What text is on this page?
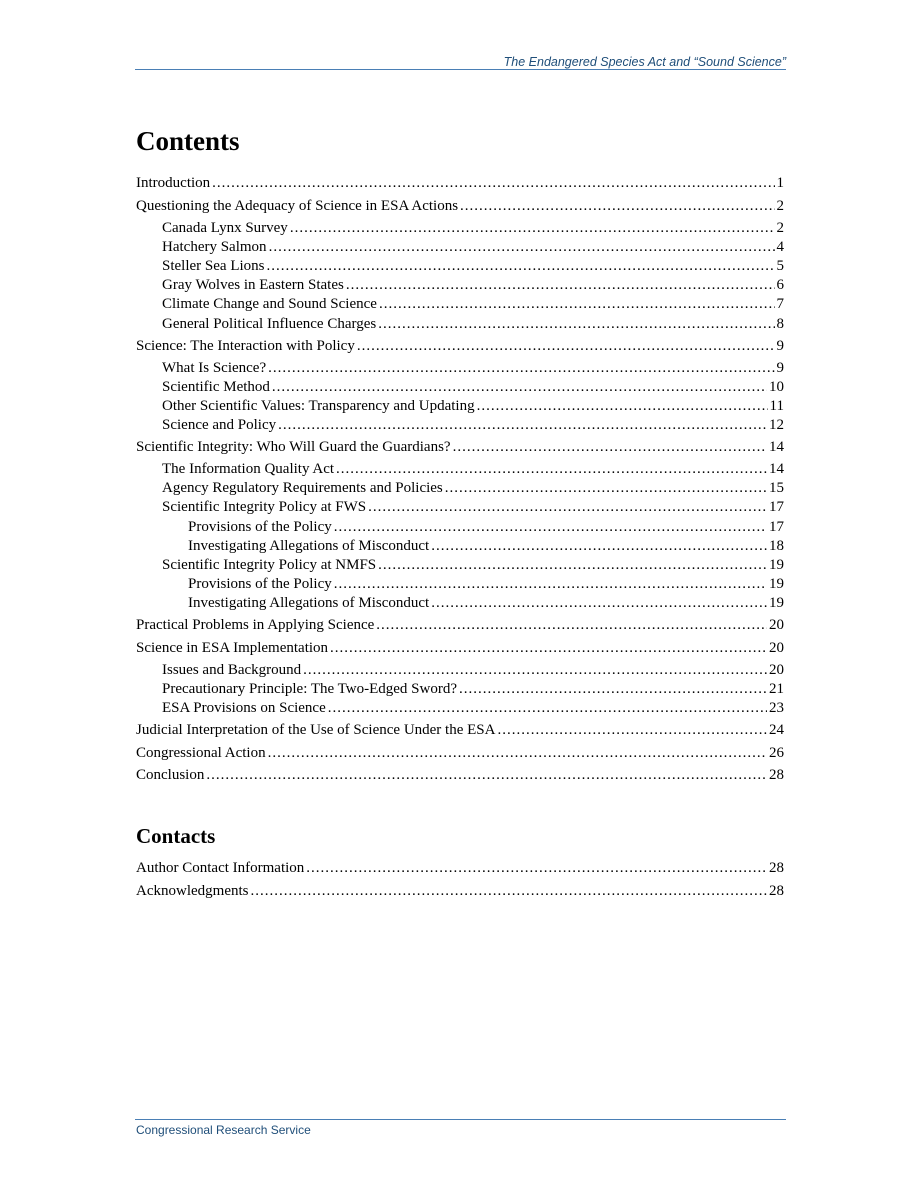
The Endangered Species Act and “Sound Science”
Contents
Introduction .....	1
Questioning the Adequacy of Science in ESA Actions .....	2
Canada Lynx Survey .....	2
Hatchery Salmon .....	4
Steller Sea Lions .....	5
Gray Wolves in Eastern States .....	6
Climate Change and Sound Science .....	7
General Political Influence Charges .....	8
Science: The Interaction with Policy .....	9
What Is Science? .....	9
Scientific Method .....	10
Other Scientific Values: Transparency and Updating .....	11
Science and Policy .....	12
Scientific Integrity: Who Will Guard the Guardians? .....	14
The Information Quality Act .....	14
Agency Regulatory Requirements and Policies .....	15
Scientific Integrity Policy at FWS .....	17
Provisions of the Policy .....	17
Investigating Allegations of Misconduct .....	18
Scientific Integrity Policy at NMFS .....	19
Provisions of the Policy .....	19
Investigating Allegations of Misconduct .....	19
Practical Problems in Applying Science .....	20
Science in ESA Implementation .....	20
Issues and Background .....	20
Precautionary Principle: The Two-Edged Sword? .....	21
ESA Provisions on Science .....	23
Judicial Interpretation of the Use of Science Under the ESA .....	24
Congressional Action .....	26
Conclusion .....	28
Contacts
Author Contact Information .....	28
Acknowledgments .....	28
Congressional Research Service
